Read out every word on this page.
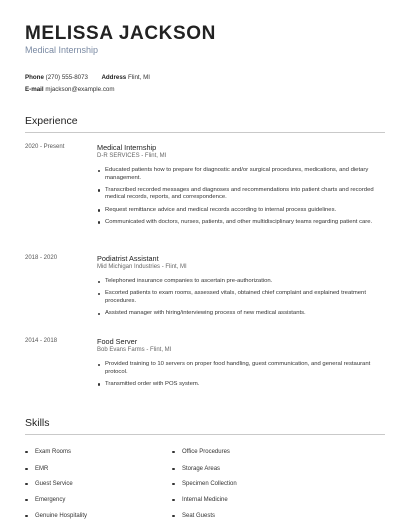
MELISSA JACKSON
Medical Internship
Phone (270) 555-8073 Address Flint, MI
E-mail mjackson@example.com
Experience
2020 - Present	Medical Internship
D-R SERVICES - Flint, MI
Educated patients how to prepare for diagnostic and/or surgical procedures, medications, and dietary management.
Transcribed recorded messages and diagnoses and recommendations into patient charts and recorded medical records, reports, and correspondence.
Request remittance advice and medical records according to internal process guidelines.
Communicated with doctors, nurses, patients, and other multidisciplinary teams regarding patient care.
2018 - 2020	Podiatrist Assistant
Mid Michigan Industries - Flint, MI
Telephoned insurance companies to ascertain pre-authorization.
Escorted patients to exam rooms, assessed vitals, obtained chief complaint and explained treatment procedures.
Assisted manager with hiring/interviewing process of new medical assistants.
2014 - 2018	Food Server
Bob Evans Farms - Flint, MI
Provided training to 10 servers on proper food handling, guest communication, and general restaurant protocol.
Transmitted order with POS system.
Skills
Exam Rooms
EMR
Guest Service
Emergency
Genuine Hospitality
Office Procedures
Storage Areas
Specimen Collection
Internal Medicine
Seat Guests
